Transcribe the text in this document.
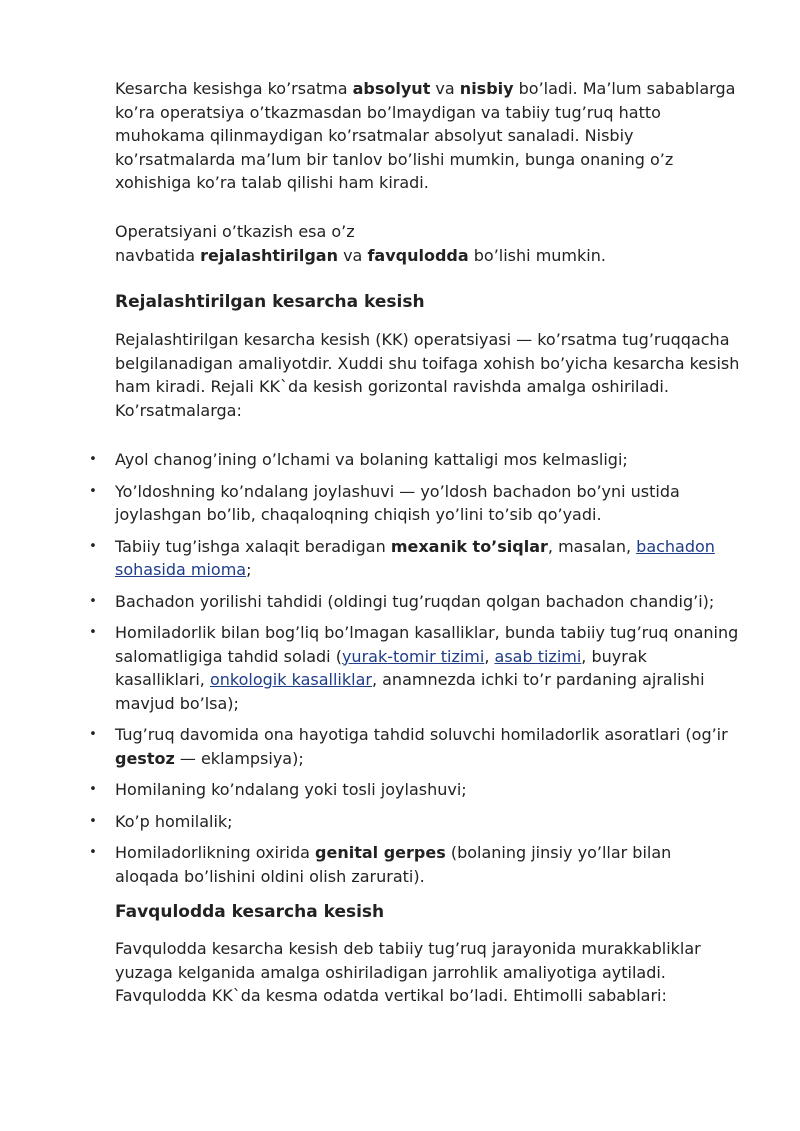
Kesarcha kesishga ko’rsatma absolyut va nisbiy bo’ladi. Ma’lum sabablarga ko’ra operatsiya o’tkazmasdan bo’lmaydigan va tabiiy tug’ruq hatto muhokama qilinmaydigan ko’rsatmalar absolyut sanaladi. Nisbiy ko’rsatmalarda ma’lum bir tanlov bo’lishi mumkin, bunga onaning o’z xohishiga ko’ra talab qilishi ham kiradi.

Operatsiyani o’tkazish esa o’z
navbatida rejalashtirilgan va favqulodda bo’lishi mumkin.

Rejalashtirilgan kesarcha kesish

Rejalashtirilgan kesarcha kesish (KK) operatsiyasi — ko’rsatma tug’ruqqacha belgilanadigan amaliyotdir. Xuddi shu toifaga xohish bo’yicha kesarcha kesish ham kiradi. Rejali KK`da kesish gorizontal ravishda amalga oshiriladi. Ko’rsatmalarga:

• Ayol chanog’ining o’lchami va bolaning kattaligi mos kelmasligi;
• Yo’ldoshning ko’ndalang joylashuvi — yo’ldosh bachadon bo’yni ustida joylashgan bo’lib, chaqaloqning chiqish yo’lini to’sib qo’yadi.
• Tabiiy tug’ishga xalaqit beradigan mexanik to’siqlar, masalan, bachadon sohasida mioma;
• Bachadon yorilishi tahdidi (oldingi tug’ruqdan qolgan bachadon chandig’i);
• Homiladorlik bilan bog’liq bo’lmagan kasalliklar, bunda tabiiy tug’ruq onaning salomatligiga tahdid soladi (yurak-tomir tizimi, asab tizimi, buyrak kasalliklari, onkologik kasalliklar, anamnezda ichki to’r pardaning ajralishi mavjud bo’lsa);
• Tug’ruq davomida ona hayotiga tahdid soluvchi homiladorlik asoratlari (og’ir gestoz — eklampsiya);
• Homilaning ko’ndalang yoki tosli joylashuvi;
• Ko’p homilalik;
• Homiladorlikning oxirida genital gerpes (bolaning jinsiy yo’llar bilan aloqada bo’lishini oldini olish zarurati).
Favqulodda kesarcha kesish

Favqulodda kesarcha kesish deb tabiiy tug’ruq jarayonida murakkabliklar yuzaga kelganida amalga oshiriladigan jarrohlik amaliyotiga aytiladi. Favqulodda KK`da kesma odatda vertikal bo’ladi. Ehtimolli sabablari:
